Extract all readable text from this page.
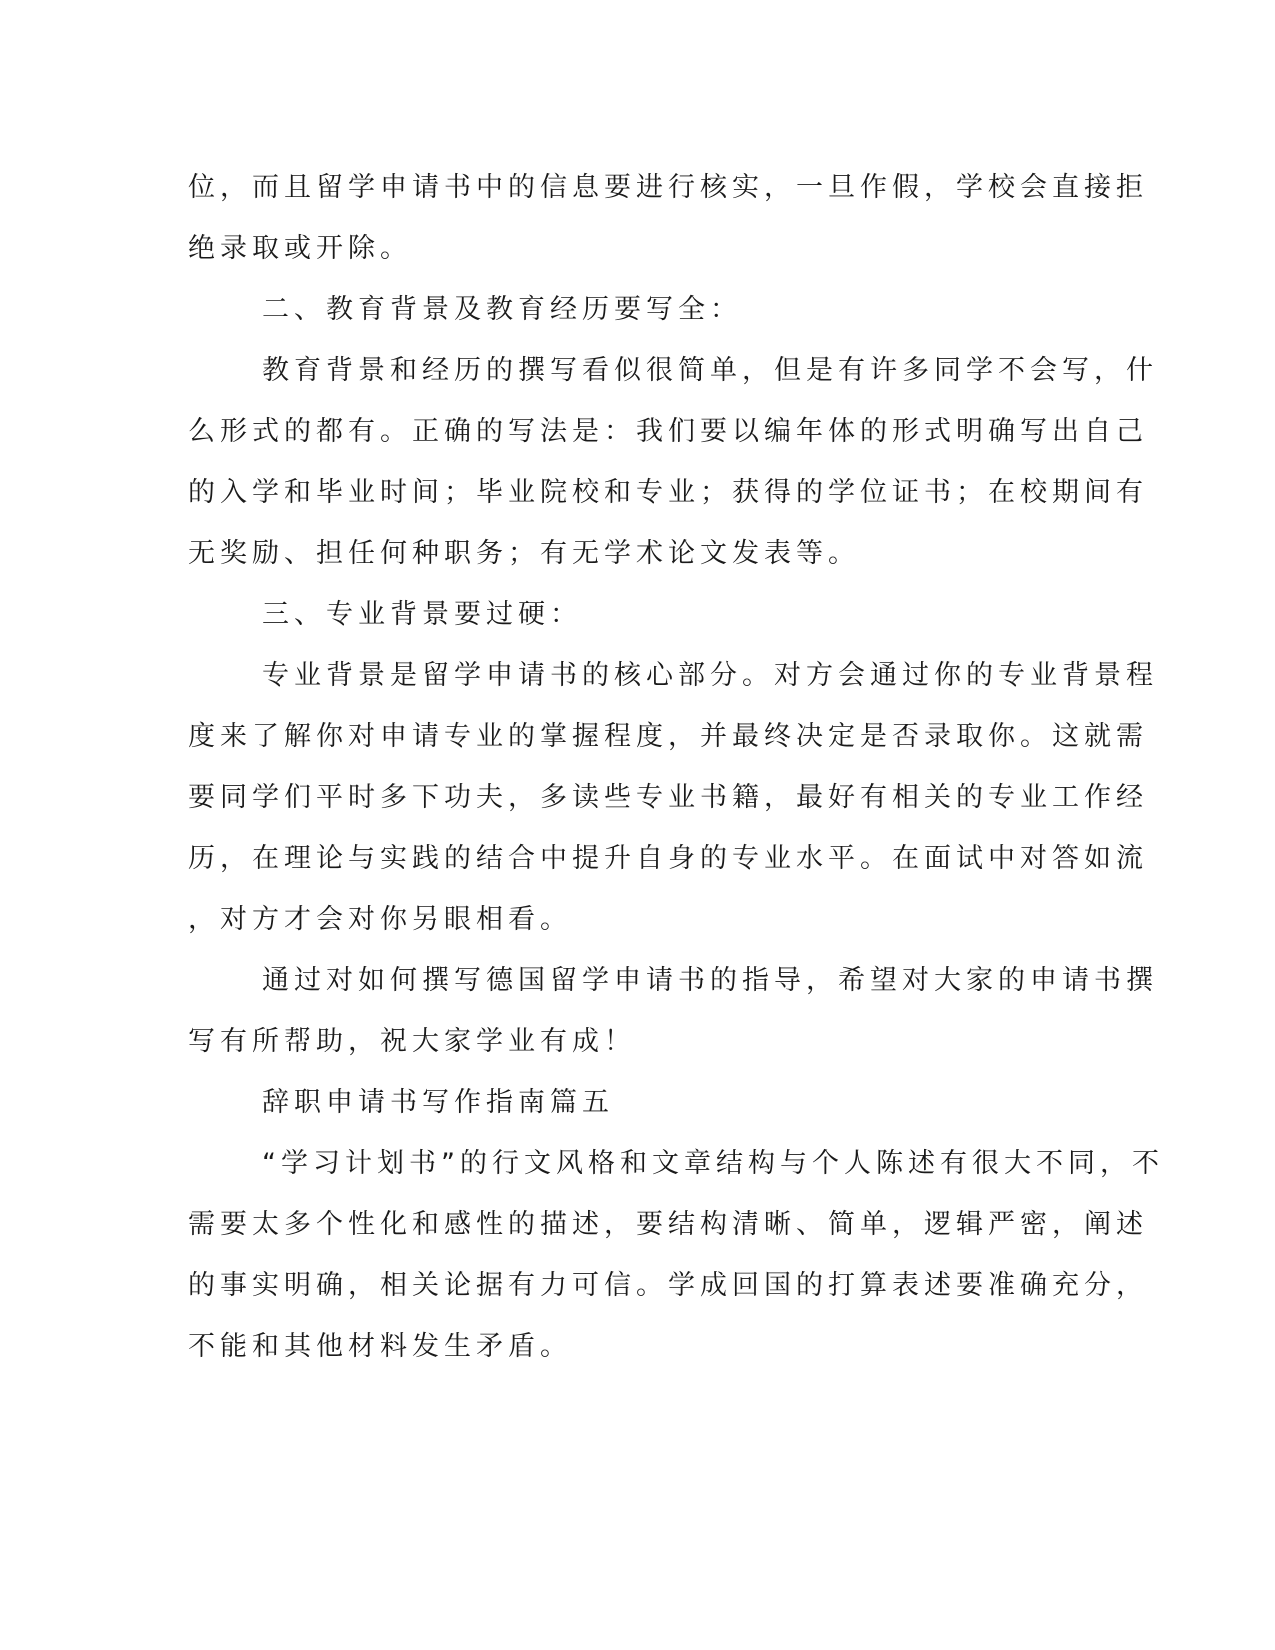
位，而且留学申请书中的信息要进行核实，一旦作假，学校会直接拒

绝录取或开除。

二、教育背景及教育经历要写全：

教育背景和经历的撰写看似很简单，但是有许多同学不会写，什

么形式的都有。正确的写法是：我们要以编年体的形式明确写出自己

的入学和毕业时间；毕业院校和专业；获得的学位证书；在校期间有

无奖励、担任何种职务；有无学术论文发表等。

三、专业背景要过硬：

专业背景是留学申请书的核心部分。对方会通过你的专业背景程

度来了解你对申请专业的掌握程度，并最终决定是否录取你。这就需

要同学们平时多下功夫，多读些专业书籍，最好有相关的专业工作经

历，在理论与实践的结合中提升自身的专业水平。在面试中对答如流

，对方才会对你另眼相看。

通过对如何撰写德国留学申请书的指导，希望对大家的申请书撰

写有所帮助，祝大家学业有成！

辞职申请书写作指南篇五

“学习计划书”的行文风格和文章结构与个人陈述有很大不同，不

需要太多个性化和感性的描述，要结构清晰、简单，逻辑严密，阐述

的事实明确，相关论据有力可信。学成回国的打算表述要准确充分，

不能和其他材料发生矛盾。
